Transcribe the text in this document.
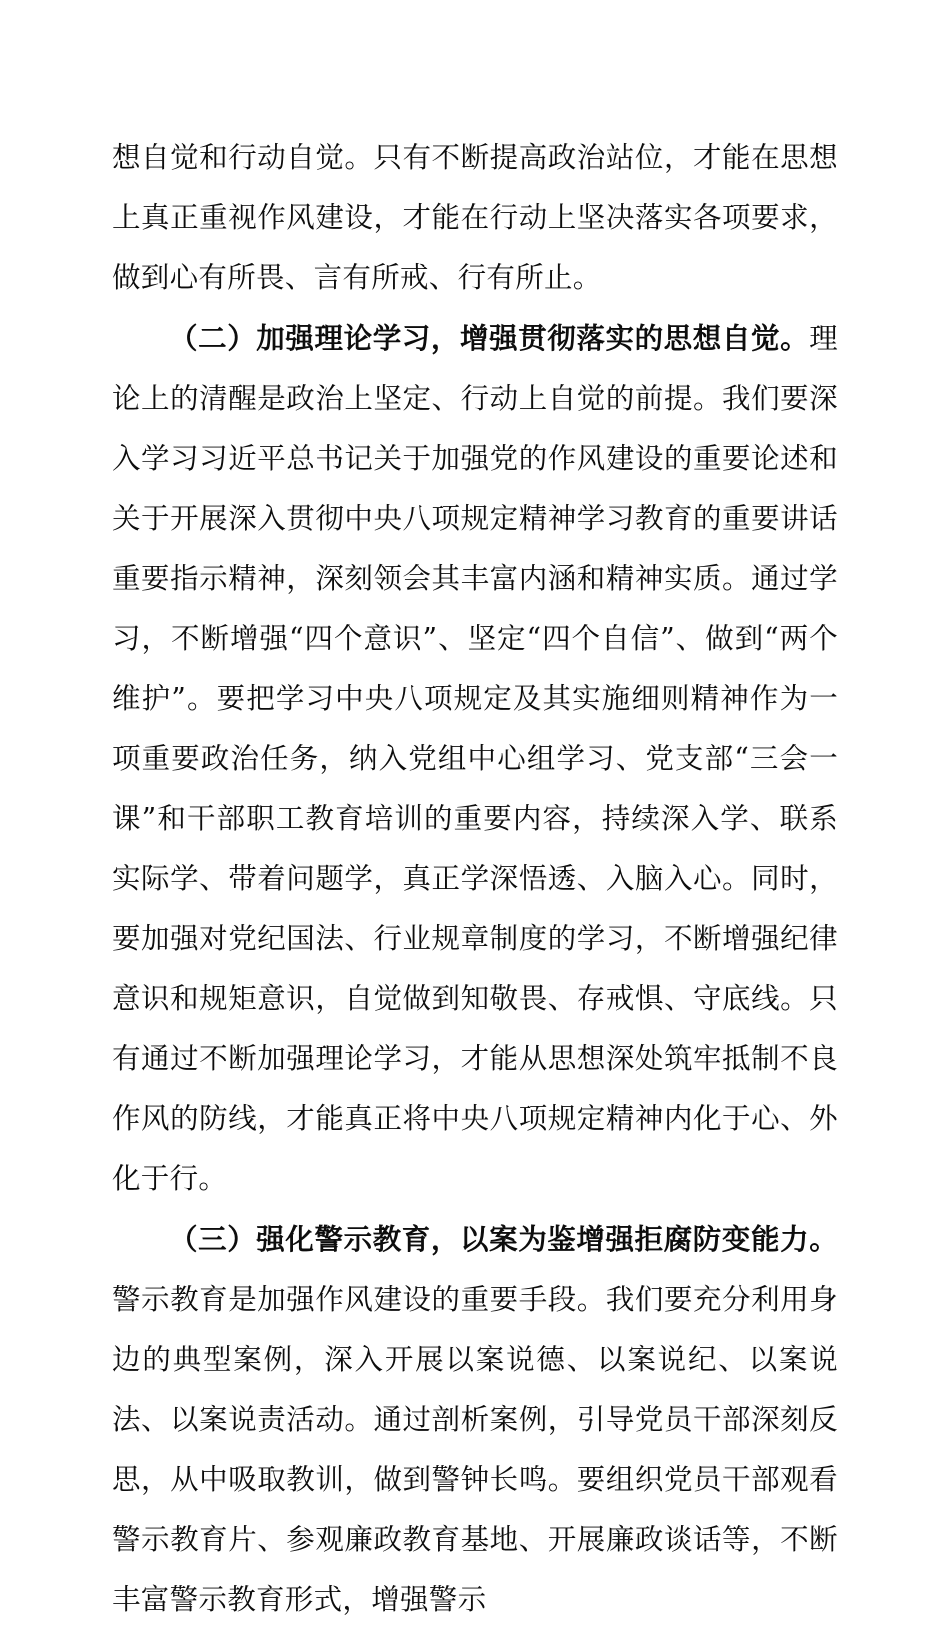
想自觉和行动自觉。只有不断提高政治站位，才能在思想上真正重视作风建设，才能在行动上坚决落实各项要求，做到心有所畏、言有所戒、行有所止。

（二）加强理论学习，增强贯彻落实的思想自觉。理论上的清醒是政治上坚定、行动上自觉的前提。我们要深入学习习近平总书记关于加强党的作风建设的重要论述和关于开展深入贯彻中央八项规定精神学习教育的重要讲话重要指示精神，深刻领会其丰富内涵和精神实质。通过学习，不断增强“四个意识”、坚定“四个自信”、做到“两个维护”。要把学习中央八项规定及其实施细则精神作为一项重要政治任务，纳入党组中心组学习、党支部“三会一课”和干部职工教育培训的重要内容，持续深入学、联系实际学、带着问题学，真正学深悟透、入脑入心。同时，要加强对党纪国法、行业规章制度的学习，不断增强纪律意识和规矩意识，自觉做到知敬畏、存戒惧、守底线。只有通过不断加强理论学习，才能从思想深处筑牢抵制不良作风的防线，才能真正将中央八项规定精神内化于心、外化于行。

（三）强化警示教育，以案为鉴增强拒腐防变能力。警示教育是加强作风建设的重要手段。我们要充分利用身边的典型案例，深入开展以案说德、以案说纪、以案说法、以案说责活动。通过剖析案例，引导党员干部深刻反思，从中吸取教训，做到警钟长鸣。要组织党员干部观看警示教育片、参观廉政教育基地、开展廉政谈话等，不断丰富警示教育形式，增强警示
